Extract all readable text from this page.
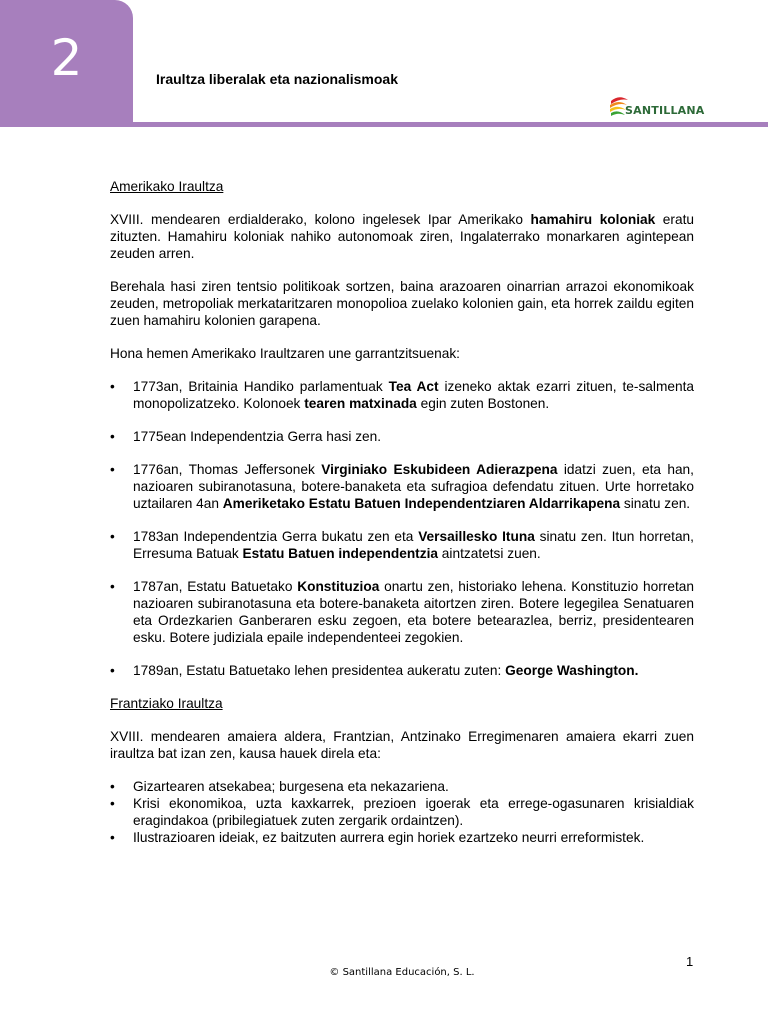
2	Iraultza liberalak eta nazionalismoak
SANTILLANA
Amerikako Iraultza

XVIII. mendearen erdialderako, kolono ingelesek Ipar Amerikako hamahiru koloniak eratu zituzten. Hamahiru koloniak nahiko autonomoak ziren, Ingalaterrako monarkaren agintepean zeuden arren.

Berehala hasi ziren tentsio politikoak sortzen, baina arazoaren oinarrian arrazoi ekonomikoak zeuden, metropoliak merkataritzaren monopolioa zuelako kolonien gain, eta horrek zaildu egiten zuen hamahiru kolonien garapena.

Hona hemen Amerikako Iraultzaren une garrantzitsuenak:

• 1773an, Britainia Handiko parlamentuak Tea Act izeneko aktak ezarri zituen, te-salmenta monopolizatzeko. Kolonoek tearen matxinada egin zuten Bostonen.
• 1775ean Independentzia Gerra hasi zen.
• 1776an, Thomas Jeffersonek Virginiako Eskubideen Adierazpena idatzi zuen, eta han, nazioaren subiranotasuna, botere-banaketa eta sufragioa defendatu zituen. Urte horretako uztailaren 4an Ameriketako Estatu Batuen Independentziaren Aldarrikapena sinatu zen.
• 1783an Independentzia Gerra bukatu zen eta Versaillesko Ituna sinatu zen. Itun horretan, Erresuma Batuak Estatu Batuen independentzia aintzatetsi zuen.
• 1787an, Estatu Batuetako Konstituzioa onartu zen, historiako lehena. Konstituzio horretan nazioaren subiranotasuna eta botere-banaketa aitortzen ziren. Botere legegilea Senatuaren eta Ordezkarien Ganberaren esku zegoen, eta botere betearazlea, berriz, presidentearen esku. Botere judiziala epaile independenteei zegokien.
• 1789an, Estatu Batuetako lehen presidentea aukeratu zuten: George Washington.
Frantziako Iraultza

XVIII. mendearen amaiera aldera, Frantzian, Antzinako Erregimenaren amaiera ekarri zuen iraultza bat izan zen, kausa hauek direla eta:

• Gizartearen atsekabea; burgesena eta nekazariena.
• Krisi ekonomikoa, uzta kaxkarrek, prezioen igoerak eta errege-ogasunaren krisialdiak eragindakoa (pribilegiatuek zuten zergarik ordaintzen).
• Ilustrazioaren ideiak, ez baitzuten aurrera egin horiek ezartzeko neurri erreformistek.
1
© Santillana Educación, S. L.
